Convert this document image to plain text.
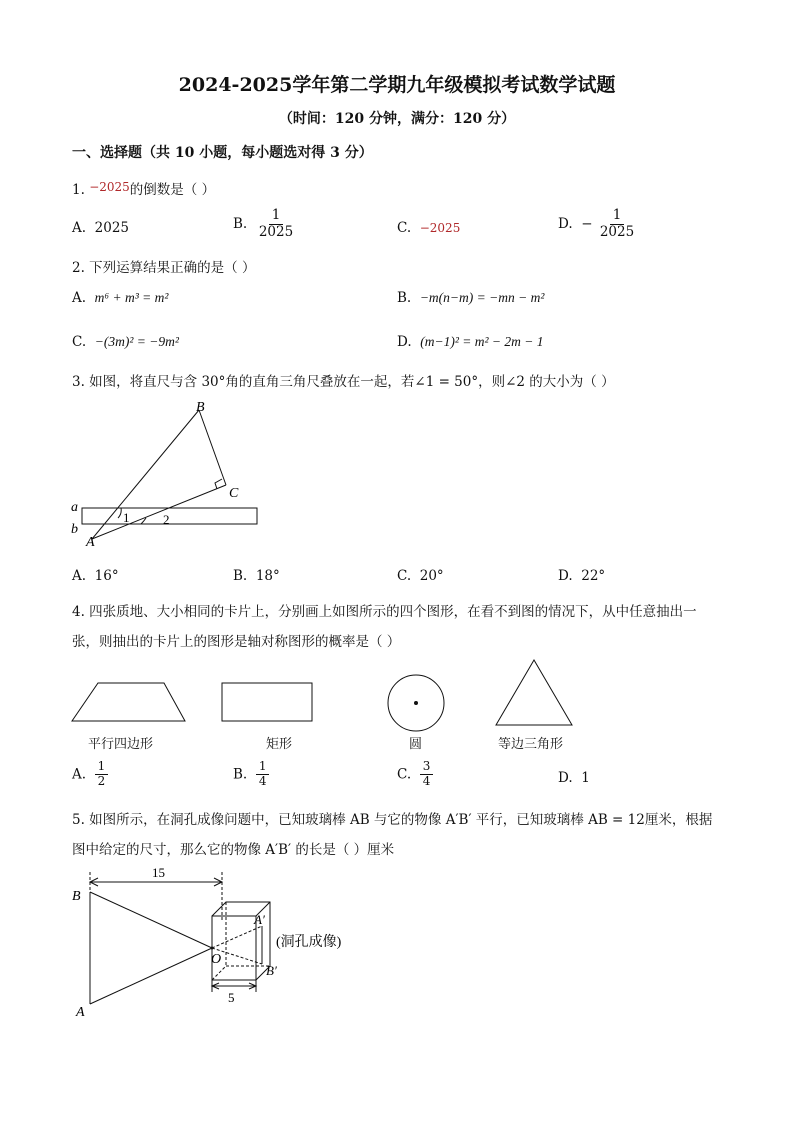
2024-2025学年第二学期九年级模拟考试数学试题
（时间：120 分钟，满分：120 分）
一、选择题（共 10 小题，每小题选对得 3 分）
1. −2025的倒数是（ ）
A. 2025	B. $\frac{1}{2025}$	C. −2025	D. − $\frac{1}{2025}$
2. 下列运算结果正确的是（ ）
A. m⁶ + m³ = m²	B. −m(n−m) = −mn − m²
C. −(3m)² = −9m²	D. (m−1)² = m² − 2m − 1
3. 如图，将直尺与含 30°角的直角三角尺叠放在一起，若∠1 = 50°，则∠2 的大小为（ ）
B
C
A
a
b
1	2
A. 16°	B. 18°	C. 20°	D. 22°
4. 四张质地、大小相同的卡片上，分别画上如图所示的四个图形，在看不到图的情况下，从中任意抽出一
张，则抽出的卡片上的图形是轴对称图形的概率是（ ）
平行四边形	矩形	圆	等边三角形
A. $\frac{1}{2}$	B. $\frac{1}{4}$	C. $\frac{3}{4}$	D. 1
5. 如图所示，在洞孔成像问题中，已知玻璃棒 AB 与它的物像 A′B′ 平行，已知玻璃棒 AB = 12厘米，根据
图中给定的尺寸，那么它的物像 A′B′ 的长是（ ）厘米
15
5
B
A
O
A′
B′
(洞孔成像)
